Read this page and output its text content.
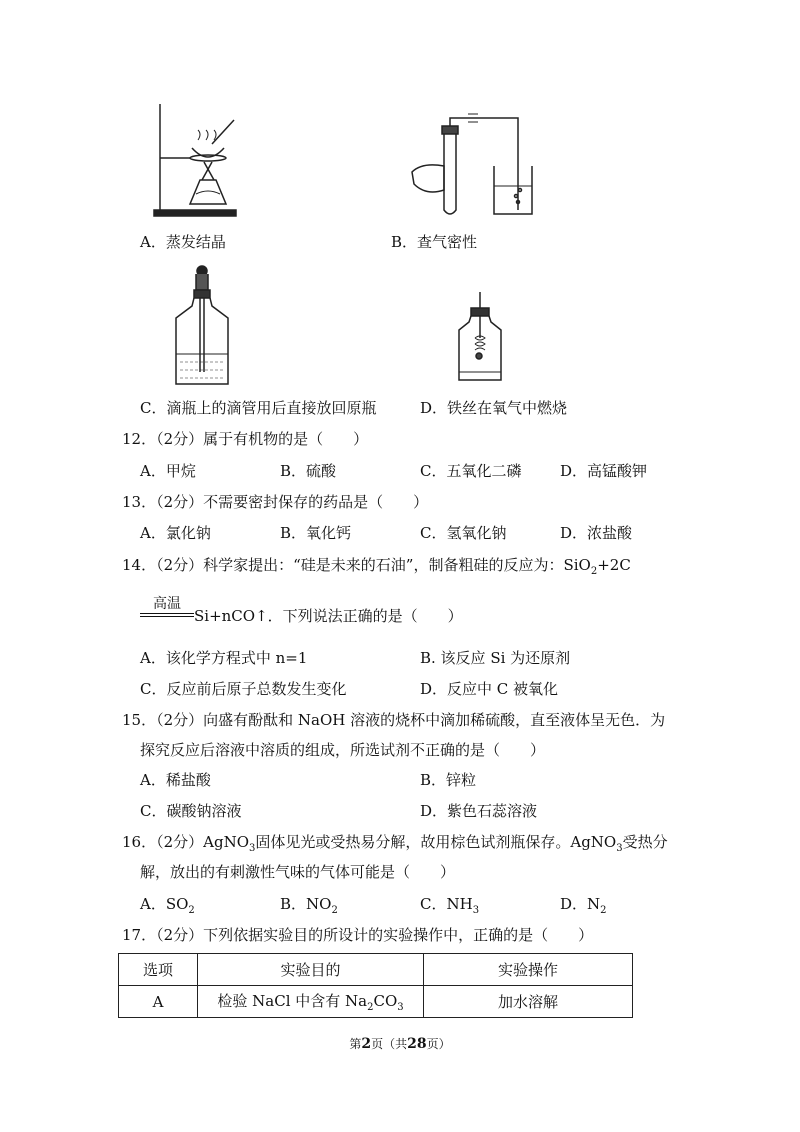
A．蒸发结晶	B．查气密性
C．滴瓶上的滴管用后直接放回原瓶	D．铁丝在氧气中燃烧
12．（2分）属于有机物的是（　　）
A．甲烷	B．硫酸	C．五氧化二磷	D．高锰酸钾
13．（2分）不需要密封保存的药品是（　　）
A．氯化钠	B．氧化钙	C．氢氧化钠	D．浓盐酸
14．（2分）科学家提出：“硅是未来的石油”，制备粗硅的反应为：SiO$_2$+2C
高温
Si+nCO↑．下列说法正确的是（　　）
A．该化学方程式中 n=1	B. 该反应 Si 为还原剂
C．反应前后原子总数发生变化	D．反应中 C 被氧化
15．（2分）向盛有酚酞和 NaOH 溶液的烧杯中滴加稀硫酸，直至液体呈无色．为
探究反应后溶液中溶质的组成，所选试剂不正确的是（　　）
A．稀盐酸	B．锌粒
C．碳酸钠溶液	D．紫色石蕊溶液
16．（2分）AgNO$_3$固体见光或受热易分解，故用棕色试剂瓶保存。AgNO$_3$受热分
解，放出的有刺激性气味的气体可能是（　　）
A．$SO_2$	B．$NO_2$	C．$NH_3$	D．$N_2$
17．（2分）下列依据实验目的所设计的实验操作中，正确的是（　　）
选项	实验目的	实验操作
A	检验 NaCl 中含有 $Na_2CO_3$	加水溶解
第2页（共28页）
